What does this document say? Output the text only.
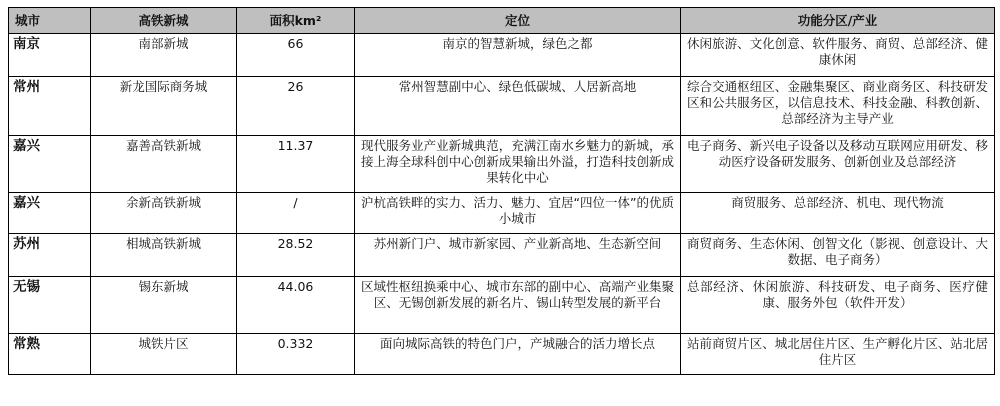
城市	高铁新城	面积km²	定位	功能分区/产业
南京	南部新城	66	南京的智慧新城，绿色之都	休闲旅游、文化创意、软件服务、商贸、总部经济、健康休闲
常州	新龙国际商务城	26	常州智慧副中心、绿色低碳城、人居新高地	综合交通枢纽区、金融集聚区、商业商务区、科技研发区和公共服务区，以信息技术、科技金融、科教创新、总部经济为主导产业
嘉兴	嘉善高铁新城	11.37	现代服务业产业新城典范，充满江南水乡魅力的新城，承接上海全球科创中心创新成果输出外溢，打造科技创新成果转化中心	电子商务、新兴电子设备以及移动互联网应用研发、移动医疗设备研发服务、创新创业及总部经济
嘉兴	余新高铁新城	/	沪杭高铁畔的实力、活力、魅力、宜居“四位一体”的优质小城市	商贸服务、总部经济、机电、现代物流
苏州	相城高铁新城	28.52	苏州新门户、城市新家园、产业新高地、生态新空间	商贸商务、生态休闲、创智文化（影视、创意设计、大数据、电子商务）
无锡	锡东新城	44.06	区域性枢纽换乘中心、城市东部的副中心、高端产业集聚区、无锡创新发展的新名片、锡山转型发展的新平台	总部经济、休闲旅游、科技研发、电子商务、医疗健康、服务外包（软件开发）
常熟	城铁片区	0.332	面向城际高铁的特色门户，产城融合的活力增长点	站前商贸片区、城北居住片区、生产孵化片区、站北居住片区
